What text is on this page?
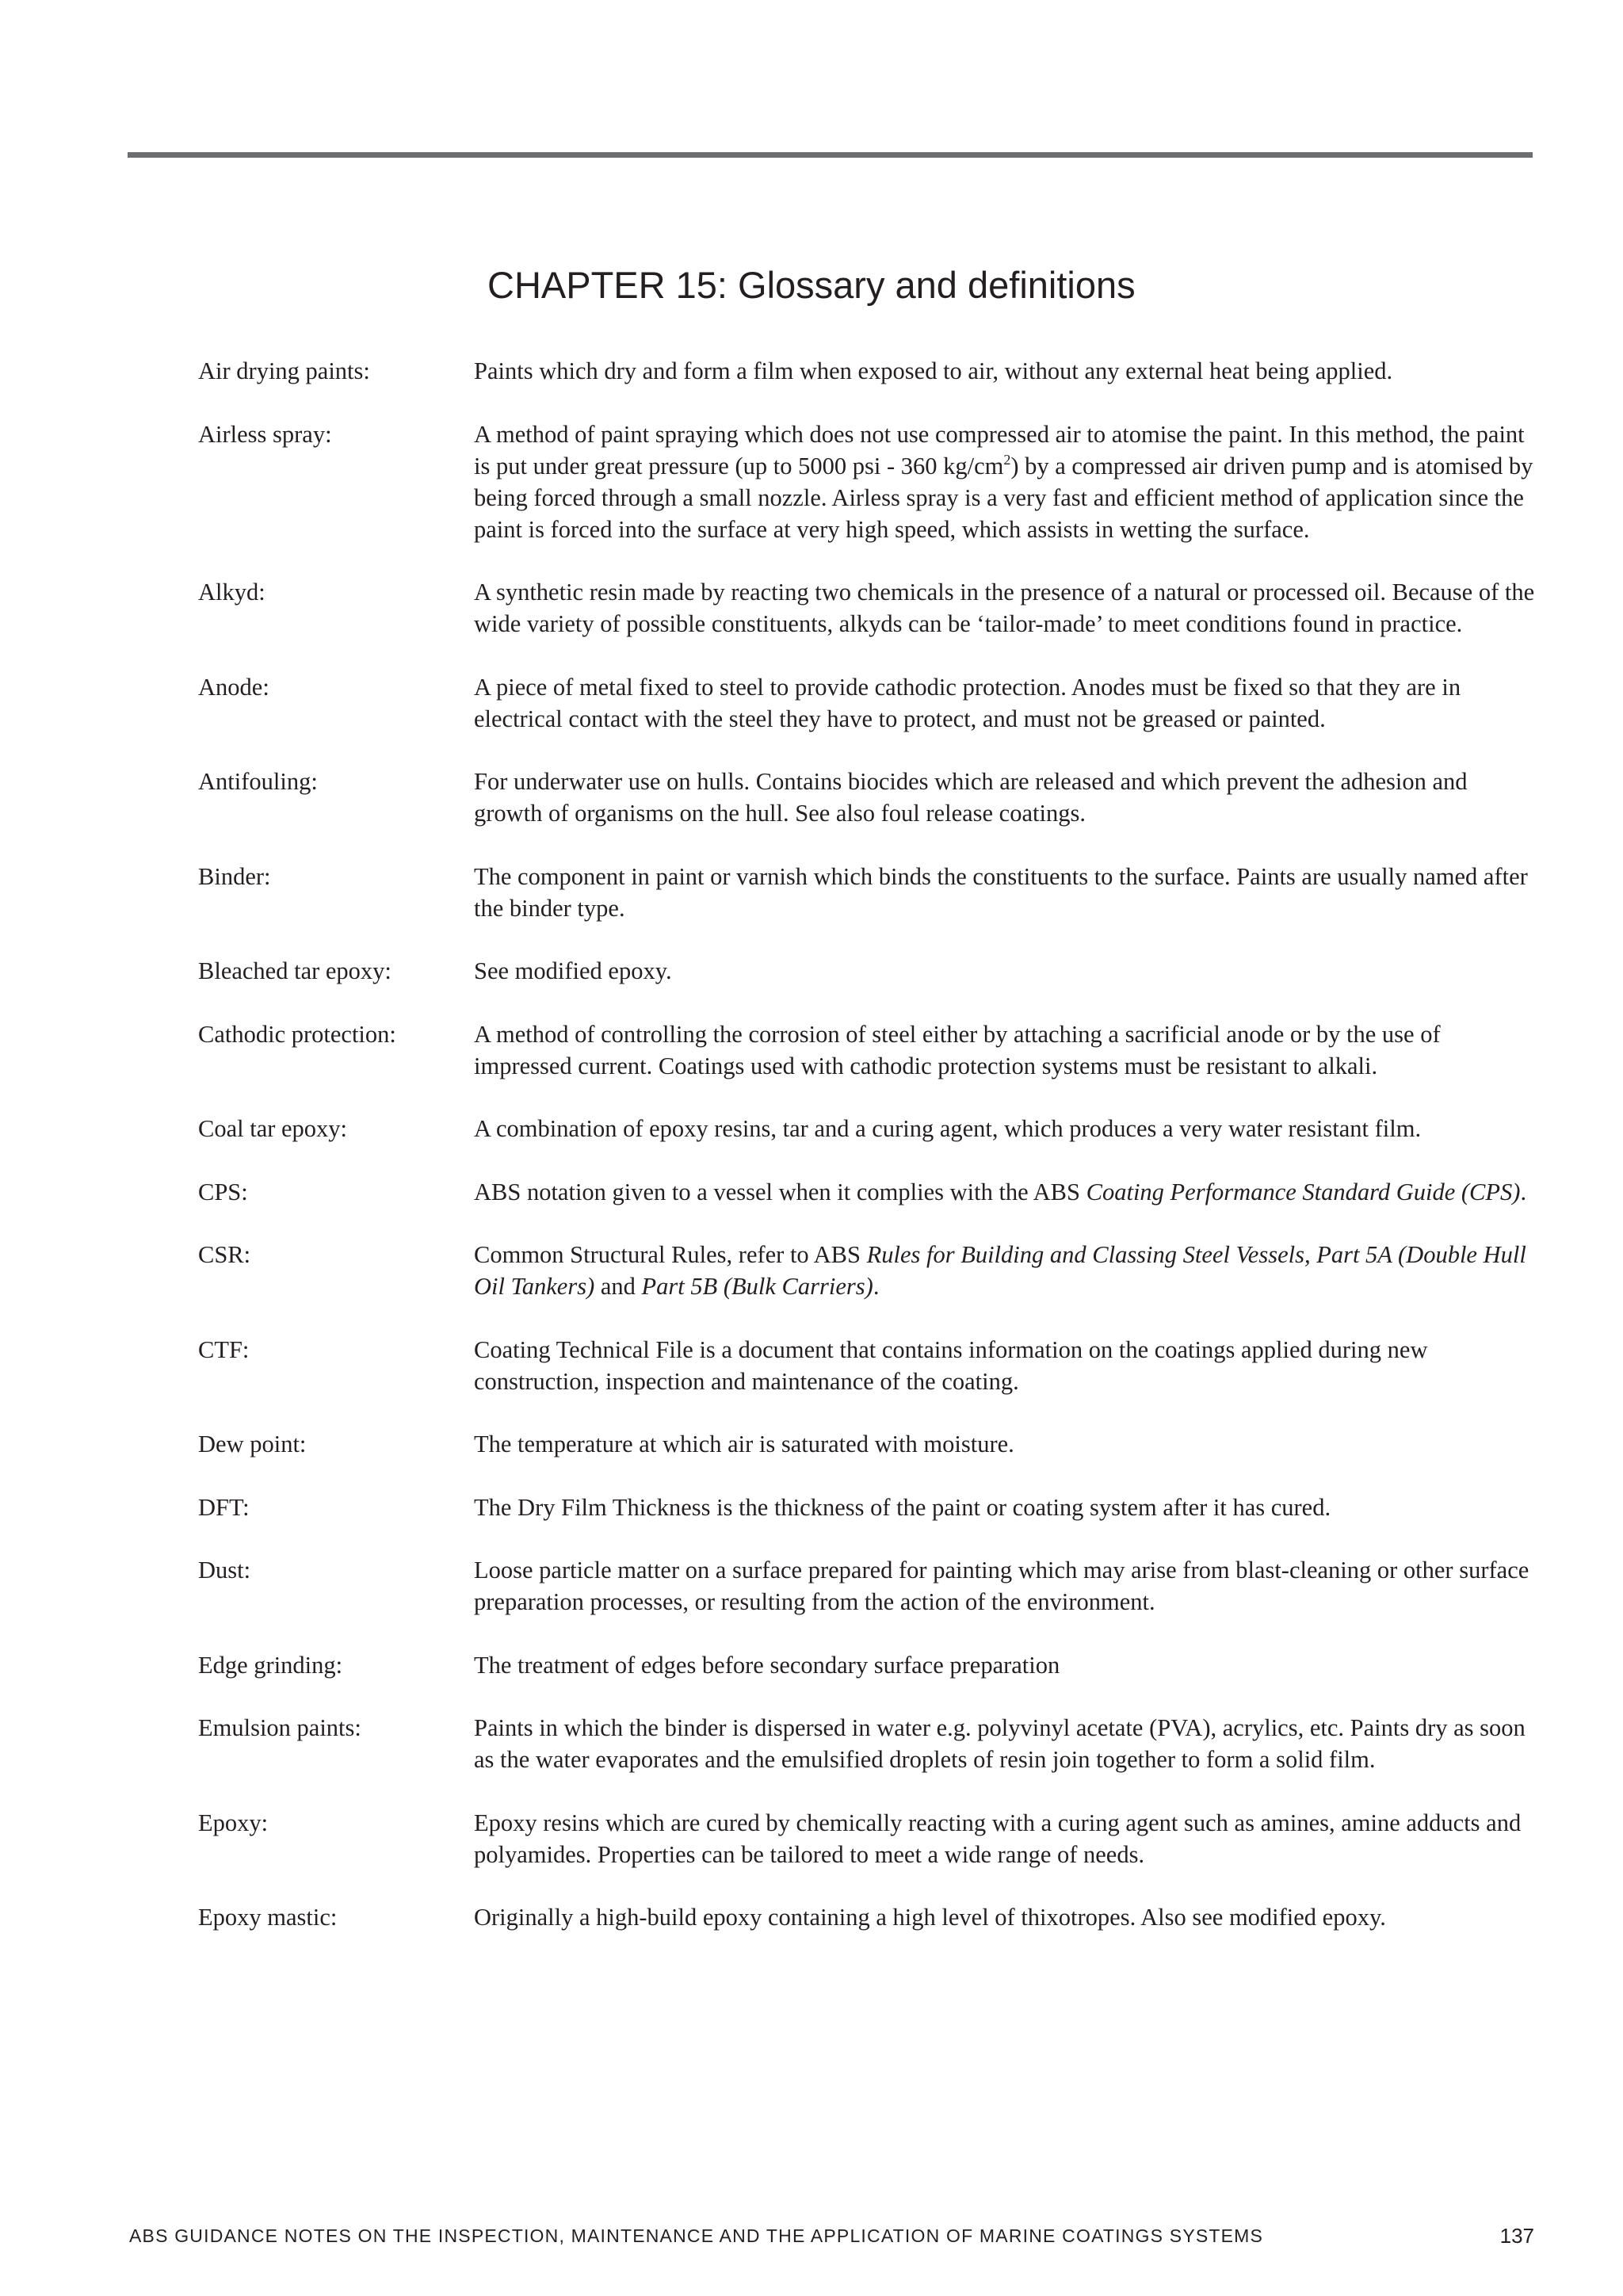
CHAPTER 15: Glossary and definitions
Air drying paints:	Paints which dry and form a film when exposed to air, without any external heat being applied.
Airless spray:	A method of paint spraying which does not use compressed air to atomise the paint. In this method, the paint is put under great pressure (up to 5000 psi - 360 $kg/cm^2$) by a compressed air driven pump and is atomised by being forced through a small nozzle. Airless spray is a very fast and efficient method of application since the paint is forced into the surface at very high speed, which assists in wetting the surface.
Alkyd:	A synthetic resin made by reacting two chemicals in the presence of a natural or processed oil. Because of the wide variety of possible constituents, alkyds can be ‘tailor-made’ to meet conditions found in practice.
Anode:	A piece of metal fixed to steel to provide cathodic protection. Anodes must be fixed so that they are in electrical contact with the steel they have to protect, and must not be greased or painted.
Antifouling:	For underwater use on hulls. Contains biocides which are released and which prevent the adhesion and growth of organisms on the hull. See also foul release coatings.
Binder:	The component in paint or varnish which binds the constituents to the surface. Paints are usually named after the binder type.
Bleached tar epoxy:	See modified epoxy.
Cathodic protection:	A method of controlling the corrosion of steel either by attaching a sacrificial anode or by the use of impressed current. Coatings used with cathodic protection systems must be resistant to alkali.
Coal tar epoxy:	A combination of epoxy resins, tar and a curing agent, which produces a very water resistant film.
CPS:	ABS notation given to a vessel when it complies with the ABS Coating Performance Standard Guide (CPS).
CSR:	Common Structural Rules, refer to ABS Rules for Building and Classing Steel Vessels, Part 5A (Double Hull Oil Tankers) and Part 5B (Bulk Carriers).
CTF:	Coating Technical File is a document that contains information on the coatings applied during new construction, inspection and maintenance of the coating.
Dew point:	The temperature at which air is saturated with moisture.
DFT:	The Dry Film Thickness is the thickness of the paint or coating system after it has cured.
Dust:	Loose particle matter on a surface prepared for painting which may arise from blast-cleaning or other surface preparation processes, or resulting from the action of the environment.
Edge grinding:	The treatment of edges before secondary surface preparation
Emulsion paints:	Paints in which the binder is dispersed in water e.g. polyvinyl acetate (PVA), acrylics, etc. Paints dry as soon as the water evaporates and the emulsified droplets of resin join together to form a solid film.
Epoxy:	Epoxy resins which are cured by chemically reacting with a curing agent such as amines, amine adducts and polyamides. Properties can be tailored to meet a wide range of needs.
Epoxy mastic:	Originally a high-build epoxy containing a high level of thixotropes. Also see modified epoxy.
ABS GUIDANCE NOTES ON THE INSPECTION, MAINTENANCE AND THE APPLICATION OF MARINE COATINGS SYSTEMS	137
